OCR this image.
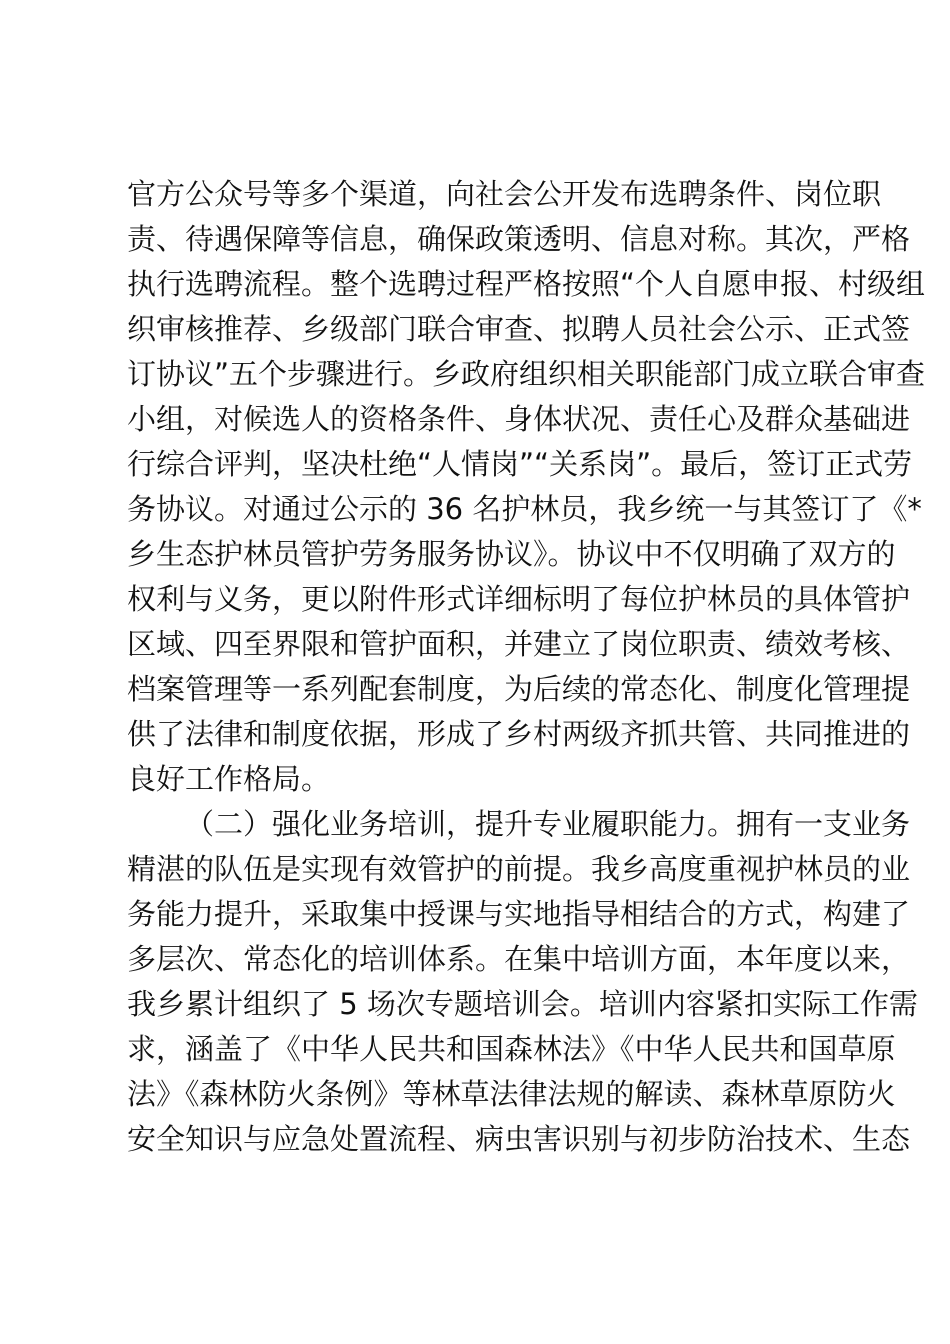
官方公众号等多个渠道，向社会公开发布选聘条件、岗位职
责、待遇保障等信息，确保政策透明、信息对称。其次，严格
执行选聘流程。整个选聘过程严格按照“个人自愿申报、村级组
织审核推荐、乡级部门联合审查、拟聘人员社会公示、正式签
订协议”五个步骤进行。乡政府组织相关职能部门成立联合审查
小组，对候选人的资格条件、身体状况、责任心及群众基础进
行综合评判，坚决杜绝“人情岗”“关系岗”。最后，签订正式劳
务协议。对通过公示的 36 名护林员，我乡统一与其签订了《*
乡生态护林员管护劳务服务协议》。协议中不仅明确了双方的
权利与义务，更以附件形式详细标明了每位护林员的具体管护
区域、四至界限和管护面积，并建立了岗位职责、绩效考核、
档案管理等一系列配套制度，为后续的常态化、制度化管理提
供了法律和制度依据，形成了乡村两级齐抓共管、共同推进的
良好工作格局。
（二）强化业务培训，提升专业履职能力。拥有一支业务
精湛的队伍是实现有效管护的前提。我乡高度重视护林员的业
务能力提升，采取集中授课与实地指导相结合的方式，构建了
多层次、常态化的培训体系。在集中培训方面，本年度以来，
我乡累计组织了 5 场次专题培训会。培训内容紧扣实际工作需
求，涵盖了《中华人民共和国森林法》《中华人民共和国草原
法》《森林防火条例》等林草法律法规的解读、森林草原防火
安全知识与应急处置流程、病虫害识别与初步防治技术、生态
